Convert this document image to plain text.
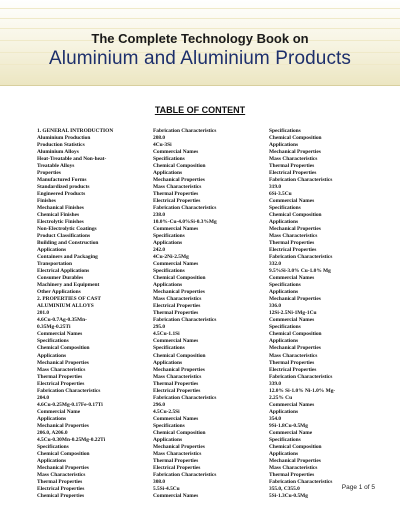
The Complete Technology Book on
Aluminium and Aluminium Products
TABLE OF CONTENT
1. GENERAL INTRODUCTION
Aluminium Production
Production Statistics
Aluminium Alloys
Heat-Treatable and Non-heat-
Treatable Alloys
Properties
Manufactured Forms
Standardized products
Engineered Products
Finishes
Mechanical Finishes
Chemical Finishes
Electrolytic Finishes
Non-Electrolytic Coatings
Product Classifications
Building and Construction
Applications
Containers and Packaging
Transportation
Electrical Applications
Consumer Durables
Machinery and Equipment
Other Applications
2. PROPERTIES OF CAST
ALUMINIUM ALLOYS
201.0
4.6Cu-0.7Ag-0.35Mn-
0.35Mg-0.25Ti
Commercial Names
Specifications
Chemical Composition
Applications
Mechanical Properties
Mass Characteristics
Thermal Properties
Electrical Properties
Fabrication Characteristics
204.0
4.6Cu-0.25Mg-0.17Fe-0.17Ti
Commercial Name
Applications
Mechanical Properties
206.0, A206.0
4.5Cu-0.30Mn-0.25Mg-0.22Ti
Specifications
Chemical Composition
Applications
Mechanical Properties
Mass Characteristics
Thermal Properties
Electrical Properties
Chemical Properties
Fabrication Characteristics
208.0
4Cu-3Si
Commercial Names
Specifications
Chemical Composition
Applications
Mechanical Properties
Mass Characteristics
Thermal Properties
Electrical Properties
Fabrication Characteristics
238.0
10.0%-Cu-4.0%Si-0.3%Mg
Commercial Names
Specifications
Applications
242.0
4Cu-2Ni-2.5Mg
Commercial Names
Specifications
Chemical Composition
Applications
Mechanical Properties
Mass Characteristics
Electrical Properties
Thermal Properties
Fabrication Characteristics
295.0
4.5Cu-1.1Si
Commercial Names
Specifications
Chemical Composition
Applications
Mechanical Properties
Mass Characteristics
Thermal Properties
Electrical Properties
Fabrication Characteristics
296.0
4.5Cu-2.5Si
Commercial Names
Specifications
Chemical Composition
Applications
Mechanical Properties
Mass Characteristics
Thermal Properties
Electrical Properties
Fabrication Characteristics
308.0
5.5Si-4.5Cu
Commercial Names
Specifications
Chemical Composition
Applications
Mechanical Properties
Mass Characteristics
Thermal Properties
Electrical Properties
Fabrication Characteristics
319.0
6Si-3.5Cu
Commercial Names
Specifications
Chemical Composition
Applications
Mechanical Properties
Mass Characteristics
Thermal Properties
Electrical Properties
Fabrication Characteristics
332.0
9.5%Si-3.0% Cu-1.0% Mg
Commercial Names
Specifications
Applications
Mechanical Properties
336.0
12Si-2.5Ni-1Mg-1Cu
Commercial Names
Specifications
Chemical Composition
Applications
Mechanical Properties
Mass Characteristics
Thermal Properties
Electrical Properties
Fabrication Characteristics
339.0
12.0% Si-1.0% Ni-1.0% Mg-
2.25% Cu
Commercial Names
Applications
354.0
9Si-1.8Cu-0.5Mg
Commercial Name
Specifications
Chemical Composition
Applications
Mechanical Properties
Mass Characteristics
Thermal Properties
Fabrication Characteristics
355.0, C355.0
5Si-1.3Cu-0.5Mg
Page 1 of 5
